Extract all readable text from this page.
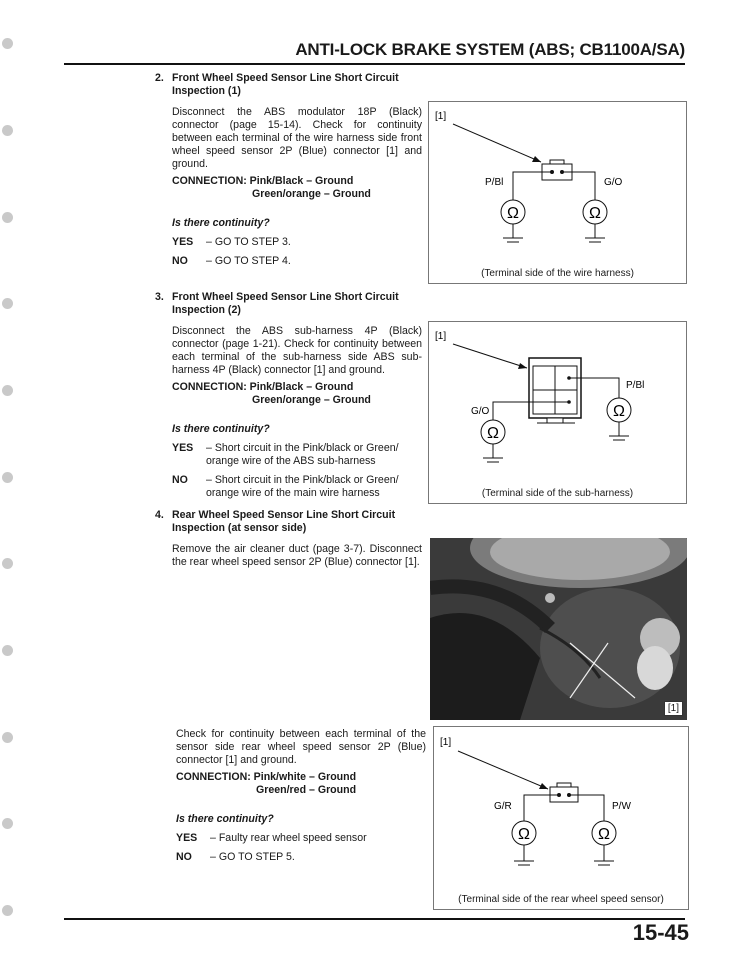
ANTI-LOCK BRAKE SYSTEM (ABS; CB1100A/SA)
2. Front Wheel Speed Sensor Line Short Circuit Inspection (1)
Disconnect the ABS modulator 18P (Black) connector (page 15-14). Check for continuity between each terminal of the wire harness side front wheel speed sensor 2P (Blue) connector [1] and ground.
CONNECTION: Pink/Black – Ground
Green/orange – Ground
Is there continuity?
YES	– GO TO STEP 3.
NO	– GO TO STEP 4.
[1]
P/Bl	G/O
Ω	Ω
(Terminal side of the wire harness)
3. Front Wheel Speed Sensor Line Short Circuit Inspection (2)
Disconnect the ABS sub-harness 4P (Black) connector (page 1-21). Check for continuity between each terminal of the sub-harness side ABS sub-harness 4P (Black) connector [1] and ground.
CONNECTION: Pink/Black – Ground
Green/orange – Ground
Is there continuity?
YES	– Short circuit in the Pink/black or Green/ orange wire of the ABS sub-harness
NO	– Short circuit in the Pink/black or Green/ orange wire of the main wire harness
[1]
P/Bl
G/O	Ω
Ω
(Terminal side of the sub-harness)
4. Rear Wheel Speed Sensor Line Short Circuit Inspection (at sensor side)
Remove the air cleaner duct (page 3-7). Disconnect the rear wheel speed sensor 2P (Blue) connector [1].
[1]
Check for continuity between each terminal of the sensor side rear wheel speed sensor 2P (Blue) connector [1] and ground.
CONNECTION: Pink/white – Ground
Green/red – Ground
Is there continuity?
YES	– Faulty rear wheel speed sensor
NO	– GO TO STEP 5.
[1]
G/R	P/W
Ω	Ω
(Terminal side of the rear wheel speed sensor)
15-45
